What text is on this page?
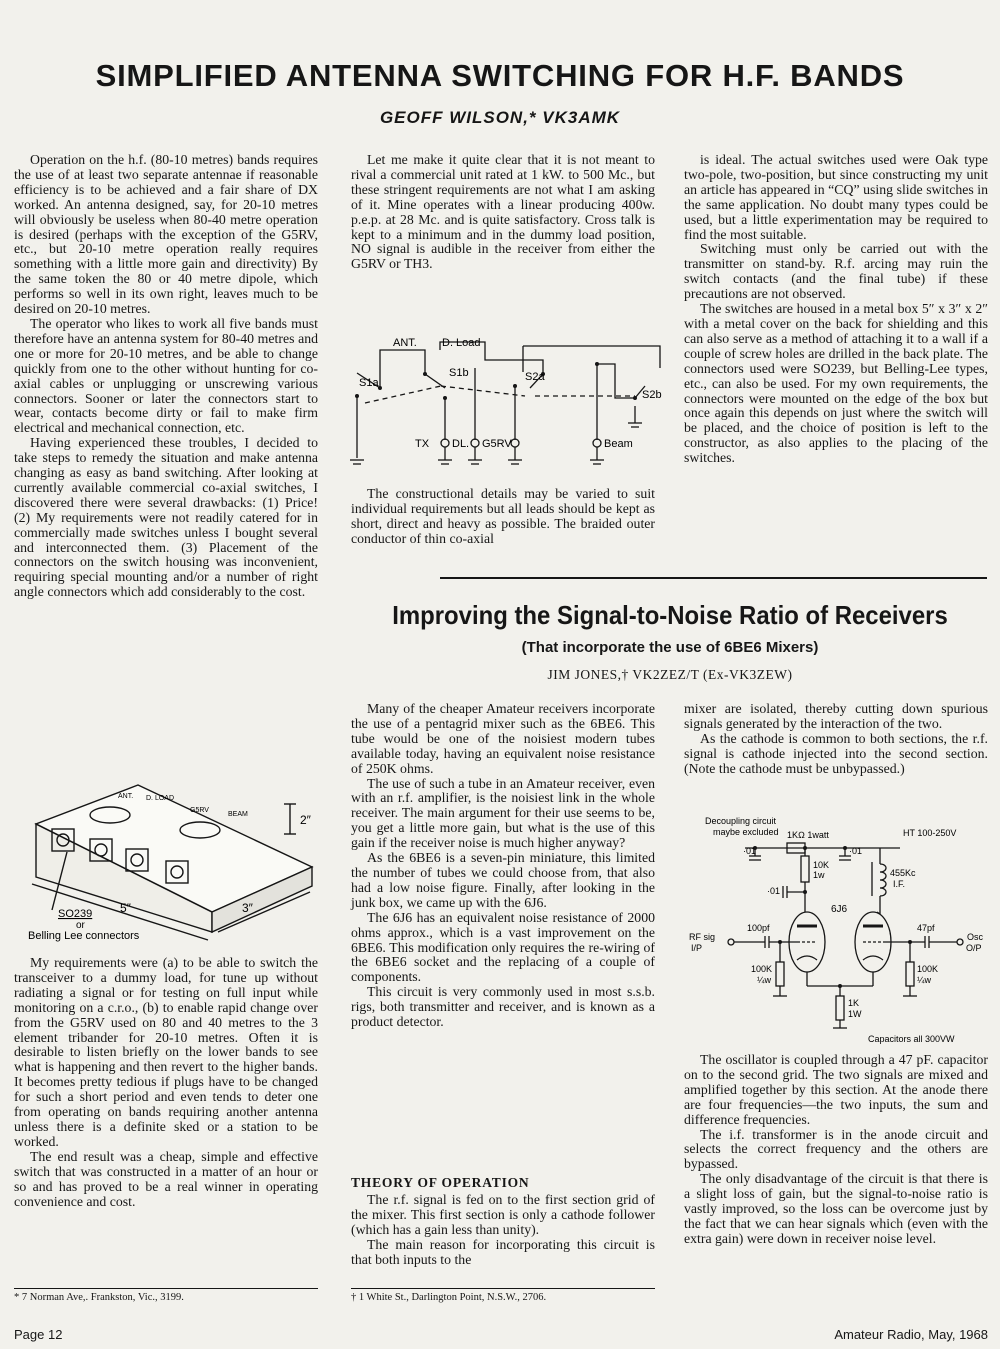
SIMPLIFIED ANTENNA SWITCHING FOR H.F. BANDS
GEOFF WILSON,* VK3AMK

Operation on the h.f. (80-10 metres) bands requires the use of at least two separate antennae if reasonable efficiency is to be achieved and a fair share of DX worked. An antenna designed, say, for 20-10 metres will obviously be useless when 80-40 metre operation is desired (perhaps with the exception of the G5RV, etc., but 20-10 metre operation really requires something with a little more gain and directivity) By the same token the 80 or 40 metre dipole, which performs so well in its own right, leaves much to be desired on 20-10 metres.

The operator who likes to work all five bands must therefore have an antenna system for 80-40 metres and one or more for 20-10 metres, and be able to change quickly from one to the other without hunting for co-axial cables or unplugging or unscrewing various connectors. Sooner or later the connectors start to wear, contacts become dirty or fail to make firm electrical and mechanical connection, etc.

Having experienced these troubles, I decided to take steps to remedy the situation and make antenna changing as easy as band switching. After looking at currently available commercial co-axial switches, I discovered there were several drawbacks: (1) Price! (2) My requirements were not readily catered for in commercially made switches unless I bought several and interconnected them. (3) Placement of the connectors on the switch housing was inconvenient, requiring special mounting and/or a number of right angle connectors which add considerably to the cost.

ANT. D. LOAD
G5RV
BEAM	2″
5″	3″
SO239
or
Belling Lee connectors

My requirements were (a) to be able to switch the transceiver to a dummy load, for tune up without radiating a signal or for testing on full input while monitoring on a c.r.o., (b) to enable rapid change over from the G5RV used on 80 and 40 metres to the 3 element tribander for 20-10 metres. Often it is desirable to listen briefly on the lower bands to see what is happening and then revert to the higher bands. It becomes pretty tedious if plugs have to be changed for such a short period and even tends to deter one from operating on bands requiring another antenna unless there is a definite sked or a station to be worked.

The end result was a cheap, simple and effective switch that was constructed in a matter of an hour or so and has proved to be a real winner in operating convenience and cost.

Let me make it quite clear that it is not meant to rival a commercial unit rated at 1 kW. to 500 Mc., but these stringent requirements are not what I am asking of it. Mine operates with a linear producing 400w. p.e.p. at 28 Mc. and is quite satisfactory. Cross talk is kept to a minimum and in the dummy load position, NO signal is audible in the receiver from either the G5RV or TH3.

S1a
S1b	S2a
S2b
ANT. D. Load
TX DL. G5RV	Beam

The constructional details may be varied to suit individual requirements but all leads should be kept as short, direct and heavy as possible. The braided outer conductor of thin co-axial

is ideal. The actual switches used were Oak type two-pole, two-position, but since constructing my unit an article has appeared in “CQ” using slide switches in the same application. No doubt many types could be used, but a little experimentation may be required to find the most suitable.

Switching must only be carried out with the transmitter on stand-by. R.f. arcing may ruin the switch contacts (and the final tube) if these precautions are not observed.

The switches are housed in a metal box 5″ x 3″ x 2″ with a metal cover on the back for shielding and this can also serve as a method of attaching it to a wall if a couple of screw holes are drilled in the back plate. The connectors used were SO239, but Belling-Lee types, etc., can also be used. For my own requirements, the connectors were mounted on the edge of the box but once again this depends on just where the switch will be placed, and the choice of position is left to the constructor, as also applies to the placing of the switches.

Improving the Signal-to-Noise Ratio of Receivers
(That incorporate the use of 6BE6 Mixers)
JIM JONES,† VK2ZEZ/T (Ex-VK3ZEW)

Many of the cheaper Amateur receivers incorporate the use of a pentagrid mixer such as the 6BE6. This tube would be one of the noisiest modern tubes available today, having an equivalent noise resistance of 250K ohms.

The use of such a tube in an Amateur receiver, even with an r.f. amplifier, is the noisiest link in the whole receiver. The main argument for their use seems to be, you get a little more gain, but what is the use of this gain if the receiver noise is much higher anyway?

As the 6BE6 is a seven-pin miniature, this limited the number of tubes we could choose from, that also had a low noise figure. Finally, after looking in the junk box, we came up with the 6J6.

The 6J6 has an equivalent noise resistance of 2000 ohms approx., which is a vast improvement on the 6BE6. This modification only requires the re-wiring of the 6BE6 socket and the replacing of a couple of components.

This circuit is very commonly used in most s.s.b. rigs, both transmitter and receiver, and is known as a product detector.

THEORY OF OPERATION

The r.f. signal is fed on to the first section grid of the mixer. This first section is only a cathode follower (which has a gain less than unity).

The main reason for incorporating this circuit is that both inputs to the

mixer are isolated, thereby cutting down spurious signals generated by the interaction of the two.

As the cathode is common to both sections, the r.f. signal is cathode injected into the second section. (Note the cathode must be unbypassed.)

Decoupling circuit
maybe excluded 1KΩ 1watt	HT 100-250V
·01	·01
·01
10K
1w	455Kc
I.F.
6J6
100pf	47pf
RF sig
I/P
Osc
O/P
100K
¼w
100K
¼w
1K
1W
Capacitors all 300VW

The oscillator is coupled through a 47 pF. capacitor on to the second grid. The two signals are mixed and amplified together by this section. At the anode there are four frequencies—the two inputs, the sum and difference frequencies.

The i.f. transformer is in the anode circuit and selects the correct frequency and the others are bypassed.

The only disadvantage of the circuit is that there is a slight loss of gain, but the signal-to-noise ratio is vastly improved, so the loss can be overcome just by the fact that we can hear signals which (even with the extra gain) were down in receiver noise level.

* 7 Norman Ave,. Frankston, Vic., 3199.	† 1 White St., Darlington Point, N.S.W., 2706.
Page 12	Amateur Radio, May, 1968
